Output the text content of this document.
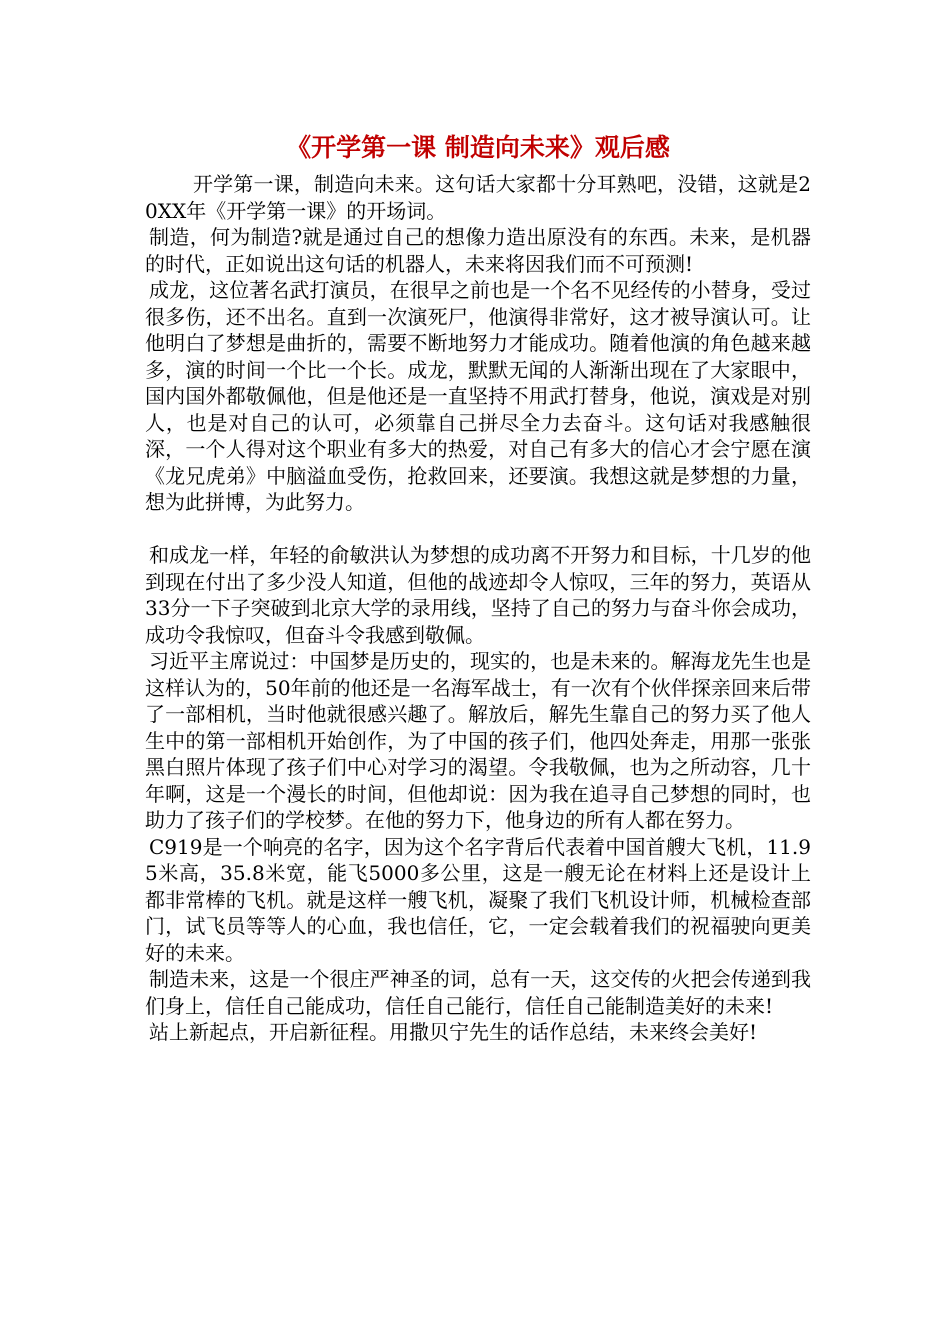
《开学第一课 制造向未来》观后感

开学第一课，制造向未来。这句话大家都十分耳熟吧，没错，这就是20XX年《开学第一课》的开场词。

制造，何为制造?就是通过自己的想像力造出原没有的东西。未来，是机器的时代，正如说出这句话的机器人，未来将因我们而不可预测!

成龙，这位著名武打演员，在很早之前也是一个名不见经传的小替身，受过很多伤，还不出名。直到一次演死尸，他演得非常好，这才被导演认可。让他明白了梦想是曲折的，需要不断地努力才能成功。随着他演的角色越来越多，演的时间一个比一个长。成龙，默默无闻的人渐渐出现在了大家眼中，国内国外都敬佩他，但是他还是一直坚持不用武打替身，他说，演戏是对别人，也是对自己的认可，必须靠自己拼尽全力去奋斗。这句话对我感触很深，一个人得对这个职业有多大的热爱，对自己有多大的信心才会宁愿在演《龙兄虎弟》中脑溢血受伤，抢救回来，还要演。我想这就是梦想的力量，想为此拼博，为此努力。

和成龙一样，年轻的俞敏洪认为梦想的成功离不开努力和目标，十几岁的他到现在付出了多少没人知道，但他的战迹却令人惊叹，三年的努力，英语从33分一下子突破到北京大学的录用线，坚持了自己的努力与奋斗你会成功，成功令我惊叹，但奋斗令我感到敬佩。

习近平主席说过：中国梦是历史的，现实的，也是未来的。解海龙先生也是这样认为的，50年前的他还是一名海军战士，有一次有个伙伴探亲回来后带了一部相机，当时他就很感兴趣了。解放后，解先生靠自己的努力买了他人生中的第一部相机开始创作，为了中国的孩子们，他四处奔走，用那一张张黑白照片体现了孩子们中心对学习的渴望。令我敬佩，也为之所动容，几十年啊，这是一个漫长的时间，但他却说：因为我在追寻自己梦想的同时，也助力了孩子们的学校梦。在他的努力下，他身边的所有人都在努力。

C919是一个响亮的名字，因为这个名字背后代表着中国首艘大飞机，11.95米高，35.8米宽，能飞5000多公里，这是一艘无论在材料上还是设计上都非常棒的飞机。就是这样一艘飞机，凝聚了我们飞机设计师，机械检查部门，试飞员等等人的心血，我也信任，它，一定会载着我们的祝福驶向更美好的未来。

制造未来，这是一个很庄严神圣的词，总有一天，这交传的火把会传递到我们身上，信任自己能成功，信任自己能行，信任自己能制造美好的未来!

站上新起点，开启新征程。用撒贝宁先生的话作总结，未来终会美好!
